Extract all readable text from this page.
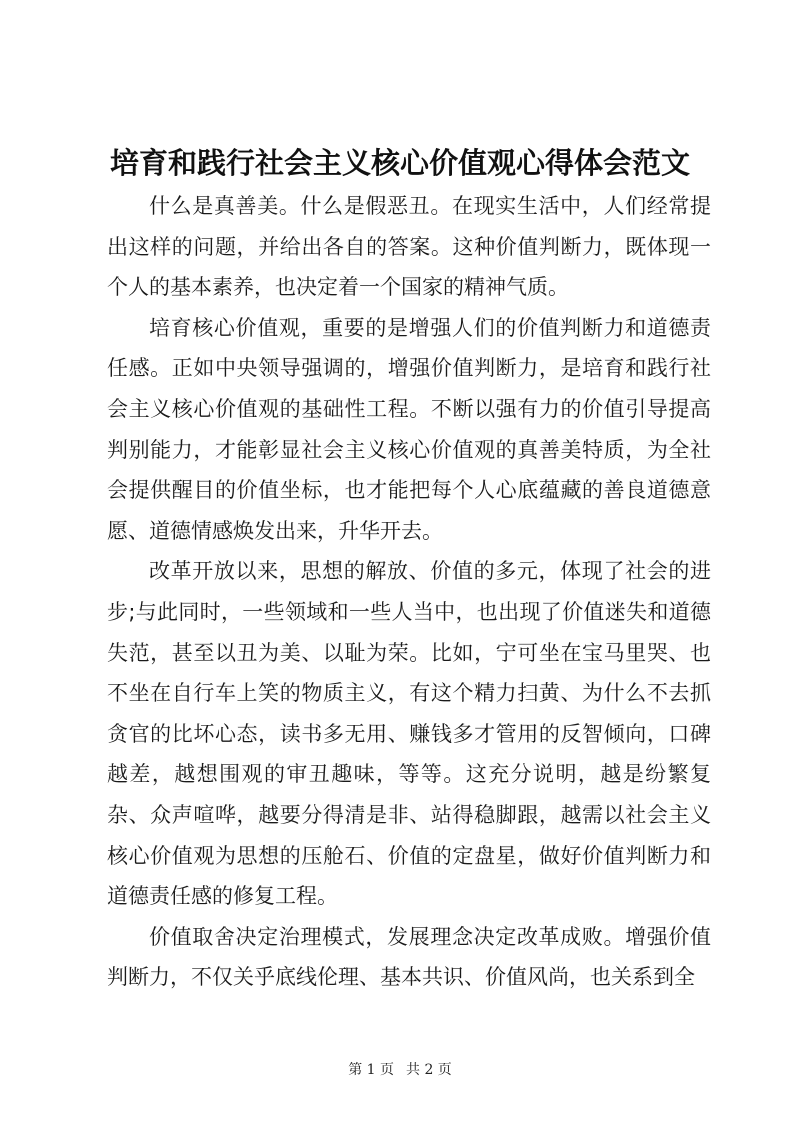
培育和践行社会主义核心价值观心得体会范文

什么是真善美。什么是假恶丑。在现实生活中，人们经常提出这样的问题，并给出各自的答案。这种价值判断力，既体现一个人的基本素养，也决定着一个国家的精神气质。

培育核心价值观，重要的是增强人们的价值判断力和道德责任感。正如中央领导强调的，增强价值判断力，是培育和践行社会主义核心价值观的基础性工程。不断以强有力的价值引导提高判别能力，才能彰显社会主义核心价值观的真善美特质，为全社会提供醒目的价值坐标，也才能把每个人心底蕴藏的善良道德意愿、道德情感焕发出来，升华开去。

改革开放以来，思想的解放、价值的多元，体现了社会的进步;与此同时，一些领域和一些人当中，也出现了价值迷失和道德失范，甚至以丑为美、以耻为荣。比如，宁可坐在宝马里哭、也不坐在自行车上笑的物质主义，有这个精力扫黄、为什么不去抓贪官的比坏心态，读书多无用、赚钱多才管用的反智倾向，口碑越差，越想围观的审丑趣味，等等。这充分说明，越是纷繁复杂、众声喧哗，越要分得清是非、站得稳脚跟，越需以社会主义核心价值观为思想的压舱石、价值的定盘星，做好价值判断力和道德责任感的修复工程。

价值取舍决定治理模式，发展理念决定改革成败。增强价值判断力，不仅关乎底线伦理、基本共识、价值风尚，也关系到全

第 1 页 共 2 页
